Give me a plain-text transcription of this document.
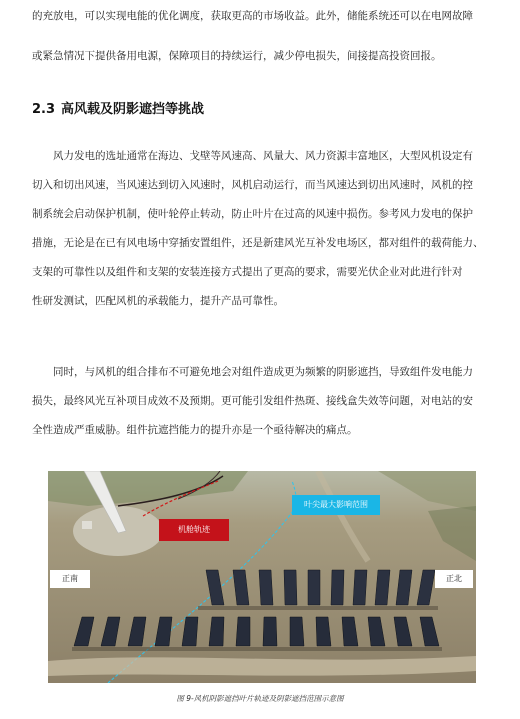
的充放电，可以实现电能的优化调度，获取更高的市场收益。此外，储能系统还可以在电网故障
或紧急情况下提供备用电源，保障项目的持续运行，减少停电损失，间接提高投资回报。
2.3 高风载及阴影遮挡等挑战
风力发电的选址通常在海边、戈壁等风速高、风量大、风力资源丰富地区，大型风机设定有
切入和切出风速，当风速达到切入风速时，风机启动运行，而当风速达到切出风速时，风机的控
制系统会启动保护机制，使叶轮停止转动，防止叶片在过高的风速中损伤。参考风力发电的保护
措施，无论是在已有风电场中穿插安置组件，还是新建风光互补发电场区，都对组件的载荷能力、
支架的可靠性以及组件和支架的安装连接方式提出了更高的要求，需要光伏企业对此进行针对
性研发测试，匹配风机的承载能力，提升产品可靠性。
同时，与风机的组合排布不可避免地会对组件造成更为频繁的阴影遮挡，导致组件发电能力
损失，最终风光互补项目成效不及预期。更可能引发组件热斑、接线盒失效等问题，对电站的安
全性造成严重威胁。组件抗遮挡能力的提升亦是一个亟待解决的痛点。
机舱轨迹
叶尖最大影响范围
正南	正北
图 9-风机阴影遮挡叶片轨迹及阴影遮挡范围示意图
